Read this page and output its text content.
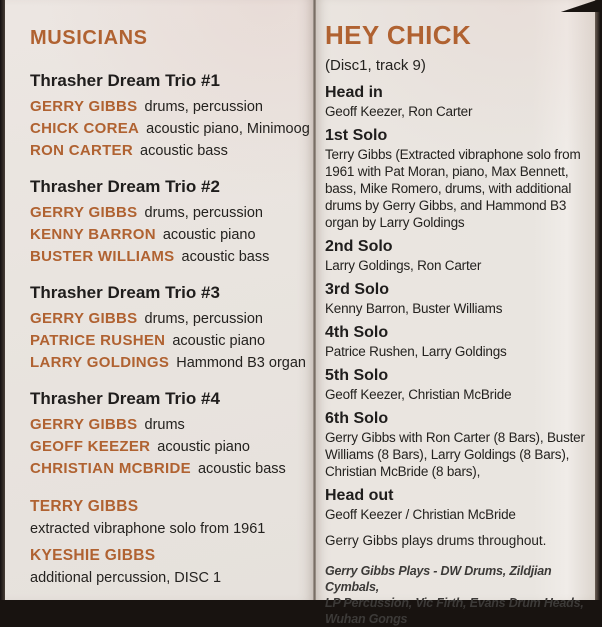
MUSICIANS
Thrasher Dream Trio #1
GERRY GIBBS drums, percussion
CHICK COREA acoustic piano, Minimoog
RON CARTER acoustic bass
Thrasher Dream Trio #2
GERRY GIBBS drums, percussion
KENNY BARRON acoustic piano
BUSTER WILLIAMS acoustic bass
Thrasher Dream Trio #3
GERRY GIBBS drums, percussion
PATRICE RUSHEN acoustic piano
LARRY GOLDINGS Hammond B3 organ
Thrasher Dream Trio #4
GERRY GIBBS drums
GEOFF KEEZER acoustic piano
CHRISTIAN MCBRIDE acoustic bass
TERRY GIBBS
extracted vibraphone solo from 1961
KYESHIE GIBBS
additional percussion, DISC 1
HEY CHICK
(Disc1, track 9)
Head in
Geoff Keezer, Ron Carter
1st Solo
Terry Gibbs (Extracted vibraphone solo from 1961 with Pat Moran, piano, Max Bennett, bass, Mike Romero, drums, with additional drums by Gerry Gibbs, and Hammond B3 organ by Larry Goldings
2nd Solo
Larry Goldings, Ron Carter
3rd Solo
Kenny Barron, Buster Williams
4th Solo
Patrice Rushen, Larry Goldings
5th Solo
Geoff Keezer, Christian McBride
6th Solo
Gerry Gibbs with Ron Carter (8 Bars), Buster Williams (8 Bars), Larry Goldings (8 Bars), Christian McBride (8 bars),
Head out
Geoff Keezer / Christian McBride
Gerry Gibbs plays drums throughout.
Gerry Gibbs Plays - DW Drums, Zildjian Cymbals,
LP Percussion, Vic Firth, Evans Drum Heads, Wuhan Gongs
